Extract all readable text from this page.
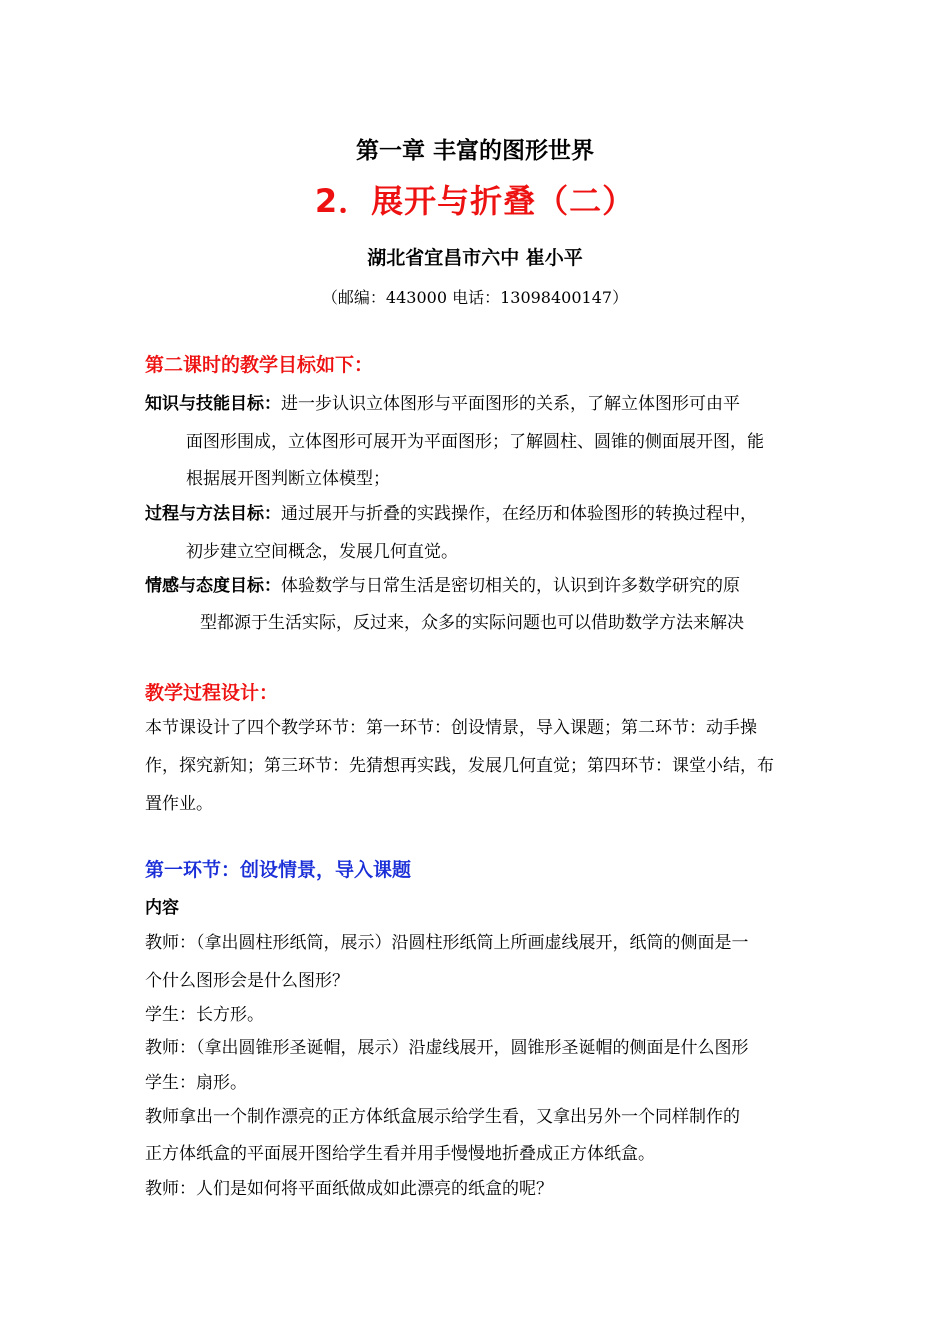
第一章 丰富的图形世界
2．展开与折叠（二）
湖北省宜昌市六中 崔小平
（邮编：443000 电话：13098400147）
第二课时的教学目标如下：
知识与技能目标：进一步认识立体图形与平面图形的关系，了解立体图形可由平
面图形围成，立体图形可展开为平面图形；了解圆柱、圆锥的侧面展开图，能
根据展开图判断立体模型；
过程与方法目标：通过展开与折叠的实践操作，在经历和体验图形的转换过程中，
初步建立空间概念，发展几何直觉。
情感与态度目标：体验数学与日常生活是密切相关的，认识到许多数学研究的原
型都源于生活实际，反过来，众多的实际问题也可以借助数学方法来解决
教学过程设计：
本节课设计了四个教学环节：第一环节：创设情景，导入课题；第二环节：动手操
作，探究新知；第三环节：先猜想再实践，发展几何直觉；第四环节：课堂小结，布
置作业。
第一环节：创设情景，导入课题
内容
教师：（拿出圆柱形纸筒，展示）沿圆柱形纸筒上所画虚线展开，纸筒的侧面是一
个什么图形会是什么图形？
学生：长方形。
教师：（拿出圆锥形圣诞帽，展示）沿虚线展开，圆锥形圣诞帽的侧面是什么图形
学生：扇形。
教师拿出一个制作漂亮的正方体纸盒展示给学生看，又拿出另外一个同样制作的
正方体纸盒的平面展开图给学生看并用手慢慢地折叠成正方体纸盒。
教师：人们是如何将平面纸做成如此漂亮的纸盒的呢？
